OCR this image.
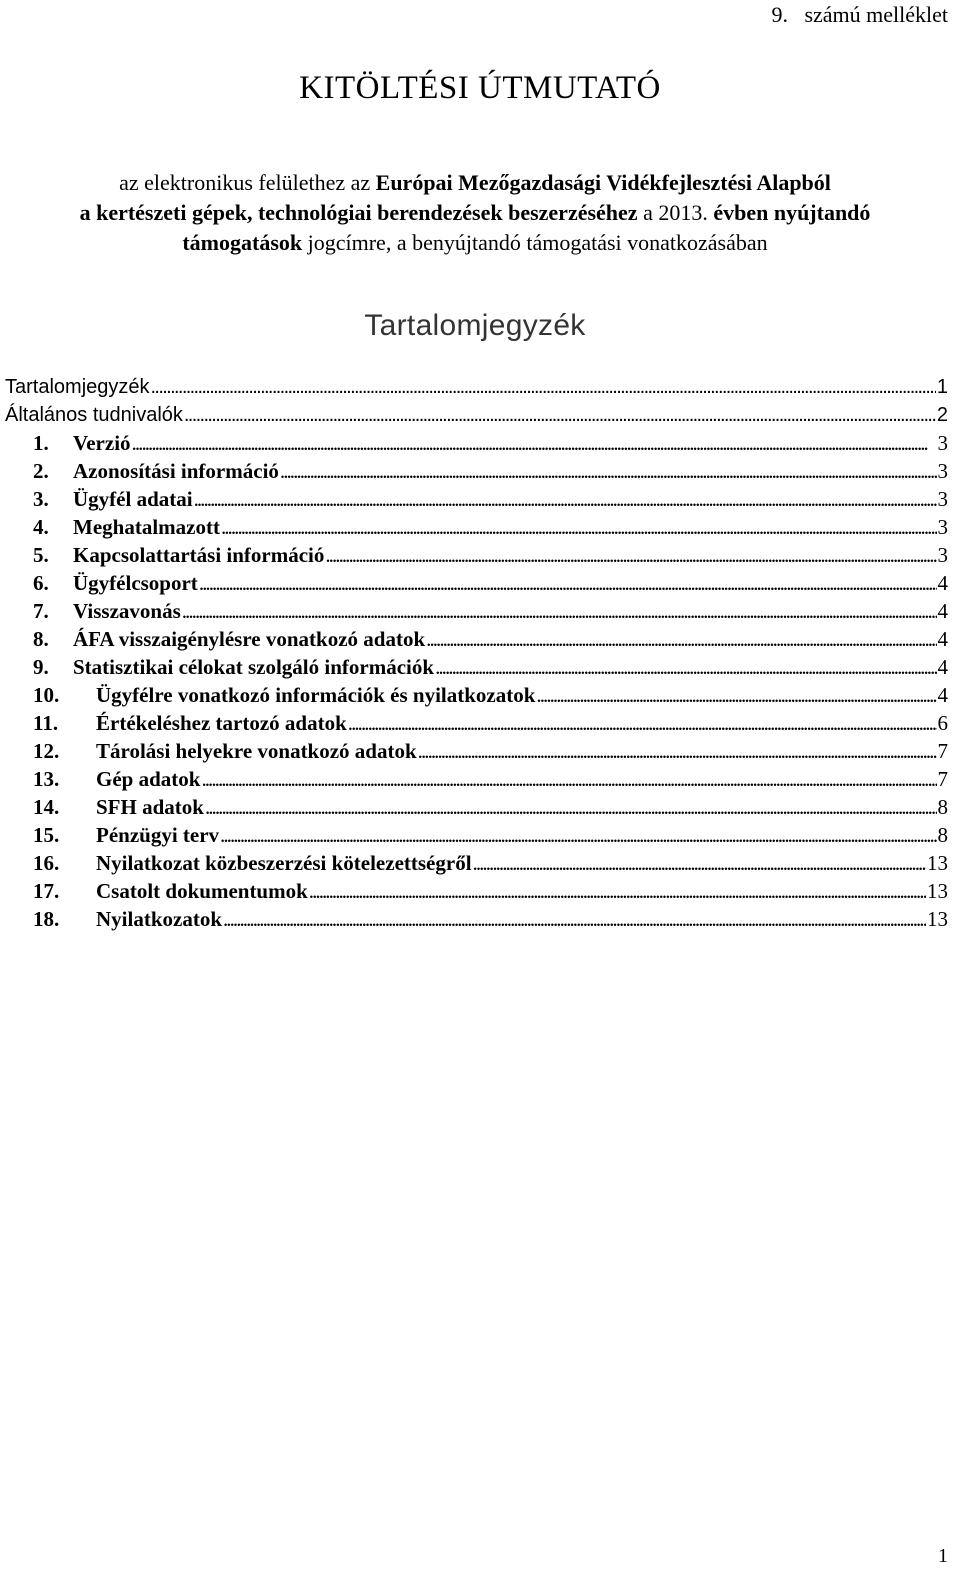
9.   számú melléklet
KITÖLTÉSI ÚTMUTATÓ
az elektronikus felülethez az Európai Mezőgazdasági Vidékfejlesztési Alapból
a kertészeti gépek, technológiai berendezések beszerzéséhez a 2013. évben nyújtandó
támogatások jogcímre, a benyújtandó támogatási vonatkozásában
Tartalomjegyzék
Tartalomjegyzék . . .	1
Általános tudnivalók . . .	2
1.	Verzió . . .	3
2.	Azonosítási információ . . .	3
3.	Ügyfél adatai . . .	3
4.	Meghatalmazott . . .	3
5.	Kapcsolattartási információ . . .	3
6.	Ügyfélcsoport . . .	4
7.	Visszavonás . . .	4
8.	ÁFA visszaigénylésre vonatkozó adatok . . .	4
9.	Statisztikai célokat szolgáló információk . . .	4
10.	Ügyfélre vonatkozó információk és nyilatkozatok . . .	4
11.	Értékeléshez tartozó adatok . . .	6
12.	Tárolási helyekre vonatkozó adatok . . .	7
13.	Gép adatok . . .	7
14.	SFH adatok . . .	8
15.	Pénzügyi terv . . .	8
16.	Nyilatkozat közbeszerzési kötelezettségről . . .	13
17.	Csatolt dokumentumok . . .	13
18.	Nyilatkozatok . . .	13
1
